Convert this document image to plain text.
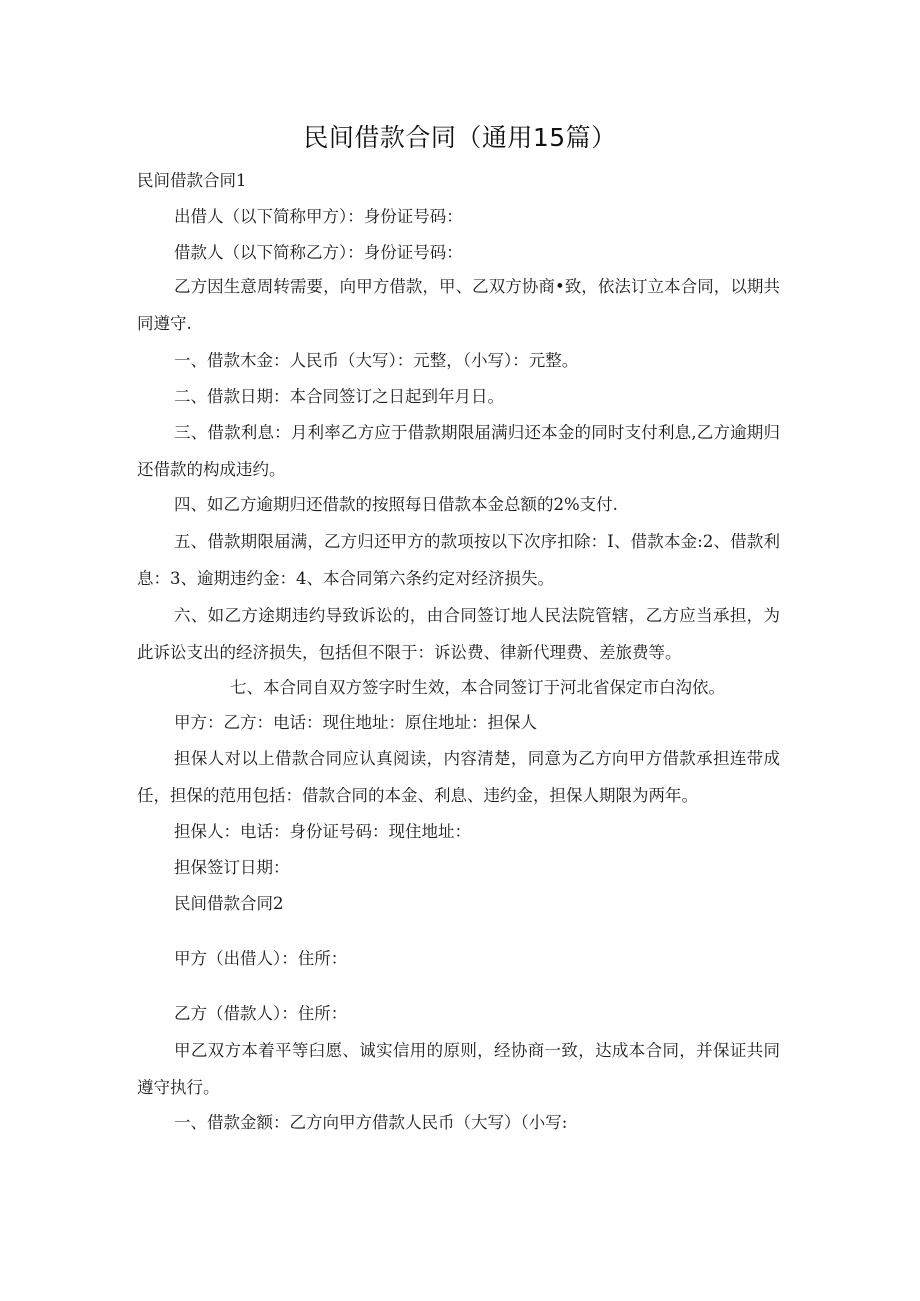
民间借款合同（通用15篇）

民间借款合同1

出借人（以下简称甲方）：身份证号码：

借款人（以下简称乙方）：身份证号码：

乙方因生意周转需要，向甲方借款，甲、乙双方协商•致，依法订立本合同，以期共同遵守.

一、借款木金：人民币（大写）：元整，（小写）：元整。

二、借款日期：本合同签订之日起到年月日。

三、借款利息：月利率乙方应于借款期限届满归还本金的同时支付利息,乙方逾期归还借款的构成违约。

四、如乙方逾期归还借款的按照每日借款本金总额的2%支付.

五、借款期限届满，乙方归还甲方的款项按以下次序扣除：I、借款本金:2、借款利息：3、逾期违约金：4、本合同第六条约定对经济损失。

六、如乙方途期违约导致诉讼的，由合同签订地人民法院管辖，乙方应当承担，为此诉讼支出的经济损失，包括但不限于：诉讼费、律新代理费、差旅费等。

七、本合同自双方签字时生效，本合同签订于河北省保定市白沟依。

甲方：乙方：电话：现住地址：原住地址：担保人

担保人对以上借款合同应认真阅读，内容清楚，同意为乙方向甲方借款承担连带成任，担保的范用包括：借款合同的本金、利息、违约金，担保人期限为两年。

担保人：电话：身份证号码：现住地址：

担保签订日期：

民间借款合同2

甲方（出借人）：住所：

乙方（借款人）：住所：

甲乙双方本着平等臼愿、诚实信用的原则，经协商一致，达成本合同，并保证共同遵守执行。

一、借款金额：乙方向甲方借款人民币（大写）（小写:
